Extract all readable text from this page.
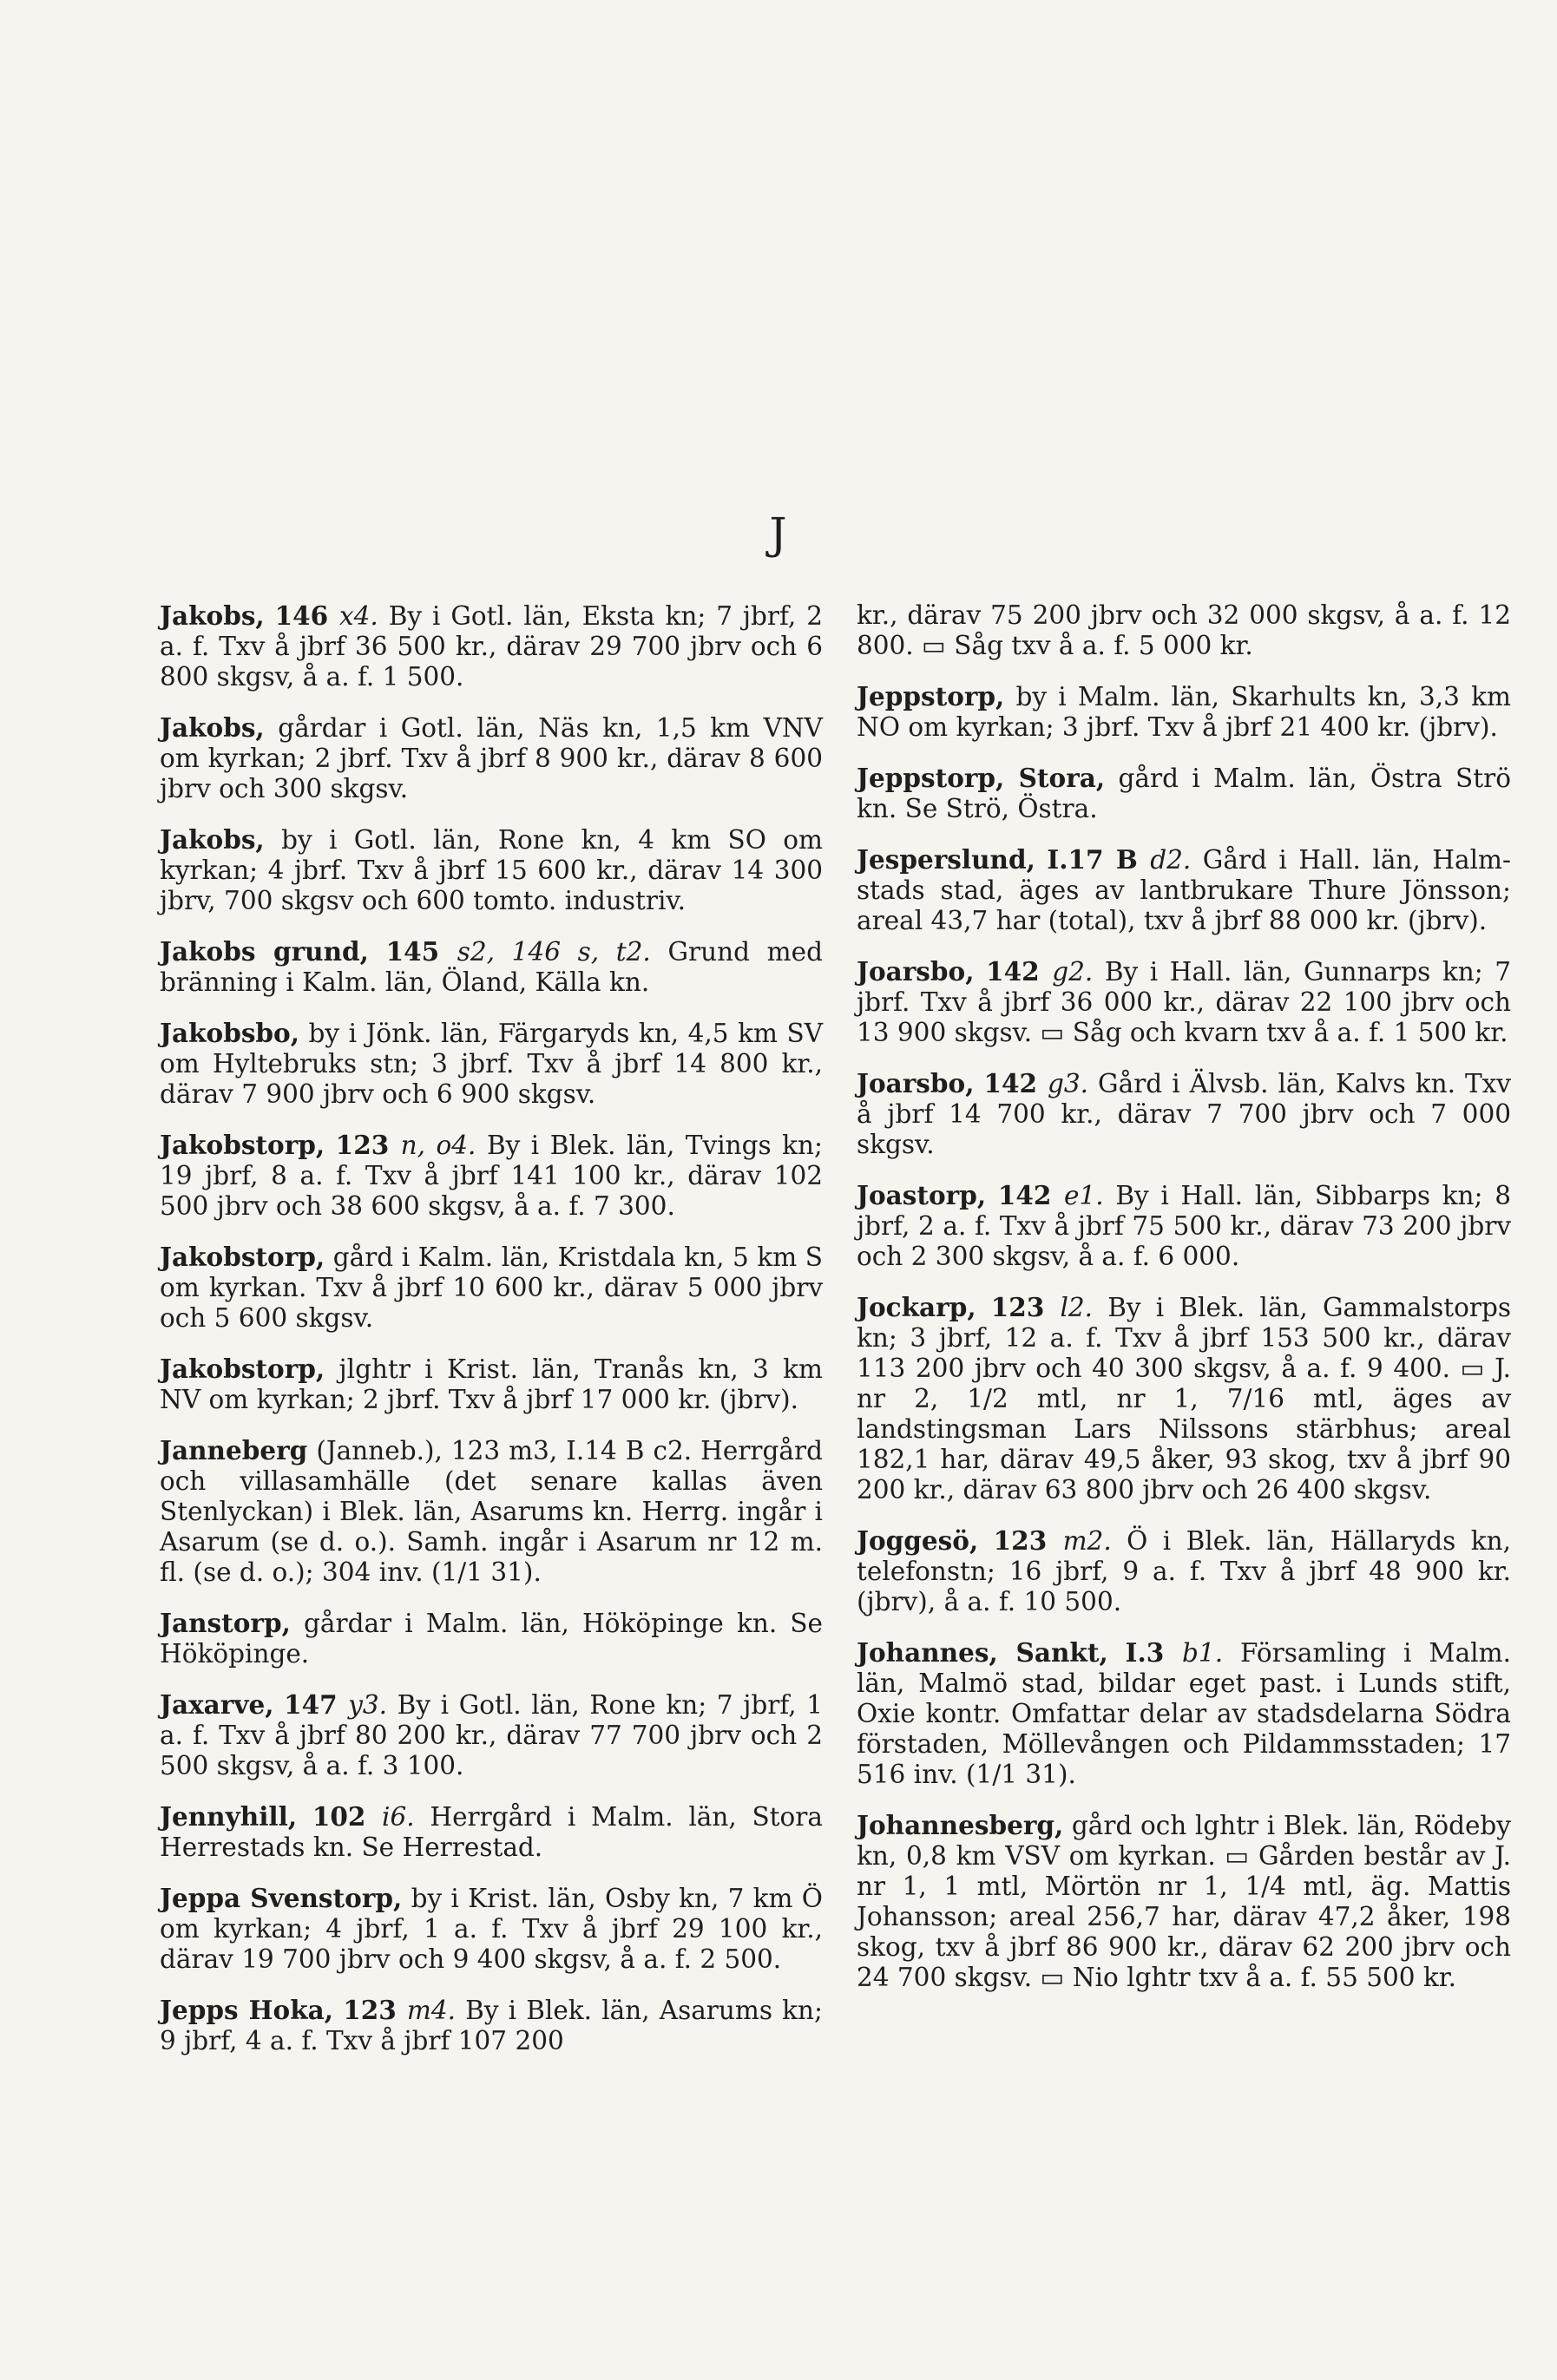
J

Jakobs, 146 x4. By i Gotl. län, Eksta kn; 7 jbrf, 2 a. f. Txv å jbrf 36 500 kr., därav 29 700 jbrv och 6 800 skgsv, å a. f. 1 500.

Jakobs, gårdar i Gotl. län, Näs kn, 1,5 km VNV om kyrkan; 2 jbrf. Txv å jbrf 8 900 kr., därav 8 600 jbrv och 300 skgsv.

Jakobs, by i Gotl. län, Rone kn, 4 km SO om kyrkan; 4 jbrf. Txv å jbrf 15 600 kr., därav 14 300 jbrv, 700 skgsv och 600 tomto. industriv.

Jakobs grund, 145 s2, 146 s, t2. Grund med bränning i Kalm. län, Öland, Källa kn.

Jakobsbo, by i Jönk. län, Färgaryds kn, 4,5 km SV om Hyltebruks stn; 3 jbrf. Txv å jbrf 14 800 kr., därav 7 900 jbrv och 6 900 skgsv.

Jakobstorp, 123 n, o4. By i Blek. län, Tvings kn; 19 jbrf, 8 a. f. Txv å jbrf 141 100 kr., därav 102 500 jbrv och 38 600 skgsv, å a. f. 7 300.

Jakobstorp, gård i Kalm. län, Kristdala kn, 5 km S om kyrkan. Txv å jbrf 10 600 kr., därav 5 000 jbrv och 5 600 skgsv.

Jakobstorp, jlghtr i Krist. län, Tranås kn, 3 km NV om kyrkan; 2 jbrf. Txv å jbrf 17 000 kr. (jbrv).

Janneberg (Janneb.), 123 m3, I.14 B c2. Herrgård och villasamhälle (det senare kallas även Stenlyckan) i Blek. län, Asarums kn. Herrg. ingår i Asarum (se d. o.). Samh. ingår i Asarum nr 12 m. fl. (se d. o.); 304 inv. (1/1 31).

Janstorp, gårdar i Malm. län, Hököpinge kn. Se Hököpinge.

Jaxarve, 147 y3. By i Gotl. län, Rone kn; 7 jbrf, 1 a. f. Txv å jbrf 80 200 kr., därav 77 700 jbrv och 2 500 skgsv, å a. f. 3 100.

Jennyhill, 102 i6. Herrgård i Malm. län, Stora Herrestads kn. Se Herrestad.

Jeppa Svenstorp, by i Krist. län, Osby kn, 7 km Ö om kyrkan; 4 jbrf, 1 a. f. Txv å jbrf 29 100 kr., därav 19 700 jbrv och 9 400 skgsv, å a. f. 2 500.

Jepps Hoka, 123 m4. By i Blek. län, Asarums kn; 9 jbrf, 4 a. f. Txv å jbrf 107 200

kr., därav 75 200 jbrv och 32 000 skgsv, å a. f. 12 800. ▭ Såg txv å a. f. 5 000 kr.

Jeppstorp, by i Malm. län, Skarhults kn, 3,3 km NO om kyrkan; 3 jbrf. Txv å jbrf 21 400 kr. (jbrv).

Jeppstorp, Stora, gård i Malm. län, Östra Strö kn. Se Strö, Östra.

Jesperslund, I.17 B d2. Gård i Hall. län, Halmstads stad, äges av lantbrukare Thure Jönsson; areal 43,7 har (total), txv å jbrf 88 000 kr. (jbrv).

Joarsbo, 142 g2. By i Hall. län, Gunnarps kn; 7 jbrf. Txv å jbrf 36 000 kr., därav 22 100 jbrv och 13 900 skgsv. ▭ Såg och kvarn txv å a. f. 1 500 kr.

Joarsbo, 142 g3. Gård i Älvsb. län, Kalvs kn. Txv å jbrf 14 700 kr., därav 7 700 jbrv och 7 000 skgsv.

Joastorp, 142 e1. By i Hall. län, Sibbarps kn; 8 jbrf, 2 a. f. Txv å jbrf 75 500 kr., därav 73 200 jbrv och 2 300 skgsv, å a. f. 6 000.

Jockarp, 123 l2. By i Blek. län, Gammalstorps kn; 3 jbrf, 12 a. f. Txv å jbrf 153 500 kr., därav 113 200 jbrv och 40 300 skgsv, å a. f. 9 400. ▭ J. nr 2, 1/2 mtl, nr 1, 7/16 mtl, äges av landstingsman Lars Nilssons stärbhus; areal 182,1 har, därav 49,5 åker, 93 skog, txv å jbrf 90 200 kr., därav 63 800 jbrv och 26 400 skgsv.

Joggesö, 123 m2. Ö i Blek. län, Hällaryds kn, telefonstn; 16 jbrf, 9 a. f. Txv å jbrf 48 900 kr. (jbrv), å a. f. 10 500.

Johannes, Sankt, I.3 b1. Församling i Malm. län, Malmö stad, bildar eget past. i Lunds stift, Oxie kontr. Omfattar delar av stadsdelarna Södra förstaden, Möllevången och Pildammsstaden; 17 516 inv. (1/1 31).

Johannesberg, gård och lghtr i Blek. län, Rödeby kn, 0,8 km VSV om kyrkan. ▭ Gården består av J. nr 1, 1 mtl, Mörtön nr 1, 1/4 mtl, äg. Mattis Johansson; areal 256,7 har, därav 47,2 åker, 198 skog, txv å jbrf 86 900 kr., därav 62 200 jbrv och 24 700 skgsv. ▭ Nio lghtr txv å a. f. 55 500 kr.
